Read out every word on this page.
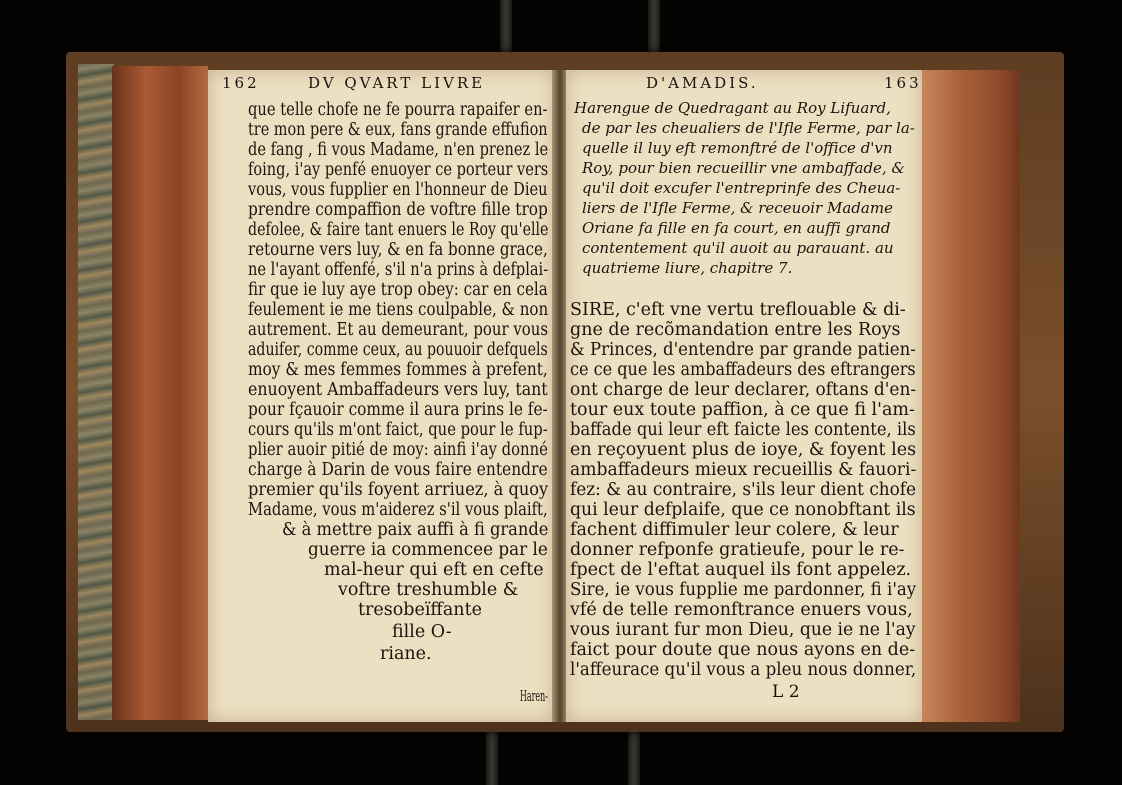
162	DV QVART LIVRE
que telle chofe ne fe pourra rapaifer en-
tre mon pere & eux, fans grande effufion
de fang , fi vous Madame, n'en prenez le
foing, i'ay penfé enuoyer ce porteur vers
vous, vous fupplier en l'honneur de Dieu
prendre compaffion de voftre fille trop
defolee, & faire tant enuers le Roy qu'elle
retourne vers luy, & en fa bonne grace,
ne l'ayant offenfé, s'il n'a prins à defplai-
fir que ie luy aye trop obey: car en cela
feulement ie me tiens coulpable, & non
autrement. Et au demeurant, pour vous
aduifer, comme ceux, au pouuoir defquels
moy & mes femmes fommes à prefent,
enuoyent Ambaffadeurs vers luy, tant
pour fçauoir comme il aura prins le fe-
cours qu'ils m'ont faict, que pour le fup-
plier auoir pitié de moy: ainfi i'ay donné
charge à Darin de vous faire entendre
premier qu'ils foyent arriuez, à quoy
Madame, vous m'aiderez s'il vous plaift,
& à mettre paix auffi à fi grande
guerre ia commencee par le
mal-heur qui eft en cefte
voftre treshumble &
tresobeïffante
fille O-
riane.
Haren-
D'AMADIS.	163
Harengue de Quedragant au Roy Lifuard,
de par les cheualiers de l'Ifle Ferme, par la-
quelle il luy eft remonftré de l'office d'vn
Roy, pour bien recueillir vne ambaffade, &
qu'il doit excufer l'entreprinfe des Cheua-
liers de l'Ifle Ferme, & receuoir Madame
Oriane fa fille en fa court, en auffi grand
contentement qu'il auoit au parauant. au
quatrieme liure, chapitre 7.
SIRE, c'eft vne vertu treflouable & di-
gne de recõmandation entre les Roys
& Princes, d'entendre par grande patien-
ce ce que les ambaffadeurs des eftrangers
ont charge de leur declarer, oftans d'en-
tour eux toute paffion, à ce que fi l'am-
baffade qui leur eft faicte les contente, ils
en reçoyuent plus de ioye, & foyent les
ambaffadeurs mieux recueillis & fauori-
fez: & au contraire, s'ils leur dient chofe
qui leur defplaife, que ce nonobftant ils
fachent diffimuler leur colere, & leur
donner refponfe gratieufe, pour le re-
fpect de l'eftat auquel ils font appelez.
Sire, ie vous fupplie me pardonner, fi i'ay
vfé de telle remonftrance enuers vous,
vous iurant fur mon Dieu, que ie ne l'ay
faict pour doute que nous ayons en de-
l'affeurace qu'il vous a pleu nous donner,
L 2
